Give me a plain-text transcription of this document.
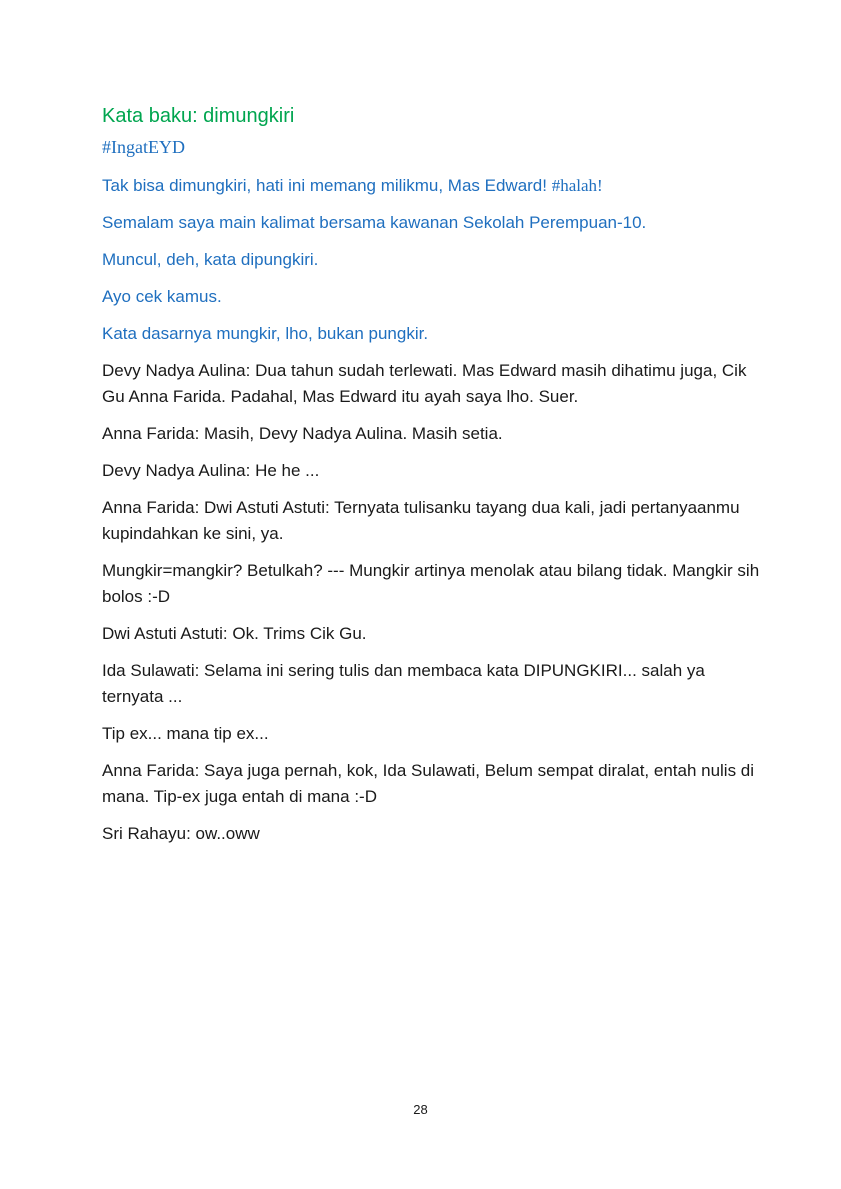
Kata baku: dimungkiri
#IngatEYD

Tak bisa dimungkiri, hati ini memang milikmu, Mas Edward! #halah!

Semalam saya main kalimat bersama kawanan Sekolah Perempuan-10.

Muncul, deh, kata dipungkiri.

Ayo cek kamus.

Kata dasarnya mungkir, lho, bukan pungkir.

Devy Nadya Aulina: Dua tahun sudah terlewati. Mas Edward masih dihatimu juga, Cik Gu Anna Farida. Padahal, Mas Edward itu ayah saya lho. Suer.

Anna Farida: Masih, Devy Nadya Aulina. Masih setia.

Devy Nadya Aulina: He he ...

Anna Farida: Dwi Astuti Astuti: Ternyata tulisanku tayang dua kali, jadi pertanyaanmu kupindahkan ke sini, ya.

Mungkir=mangkir? Betulkah? --- Mungkir artinya menolak atau bilang tidak. Mangkir sih bolos :-D

Dwi Astuti Astuti: Ok. Trims Cik Gu.

Ida Sulawati: Selama ini sering tulis dan membaca kata DIPUNGKIRI... salah ya ternyata ...

Tip ex... mana tip ex...

Anna Farida: Saya juga pernah, kok, Ida Sulawati, Belum sempat diralat, entah nulis di mana. Tip-ex juga entah di mana :-D

Sri Rahayu: ow..oww

28
